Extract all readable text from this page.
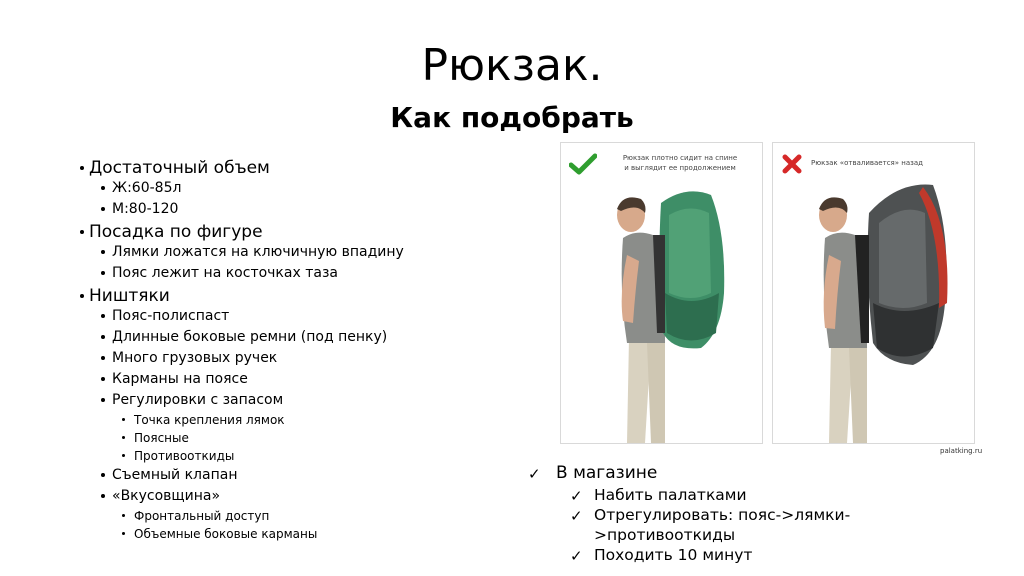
Рюкзак.
Как подобрать
Достаточный объем
Ж:60-85л
М:80-120
Посадка по фигуре
Лямки ложатся на ключичную впадину
Пояс лежит на косточках таза
Ништяки
Пояс-полиспаст
Длинные боковые ремни (под пенку)
Много грузовых ручек
Карманы на поясе
Регулировки с запасом
Точка крепления лямок
Поясные
Противооткиды
Съемный клапан
«Вкусовщина»
Фронтальный доступ
Объемные боковые карманы
Рюкзак плотно сидит на спине
и выглядит ее продолжением
Рюкзак «отваливается» назад
palatking.ru
✓ В магазине
✓ Набить палатками
✓ Отрегулировать: пояс->лямки-
>противооткиды
✓ Походить 10 минут
